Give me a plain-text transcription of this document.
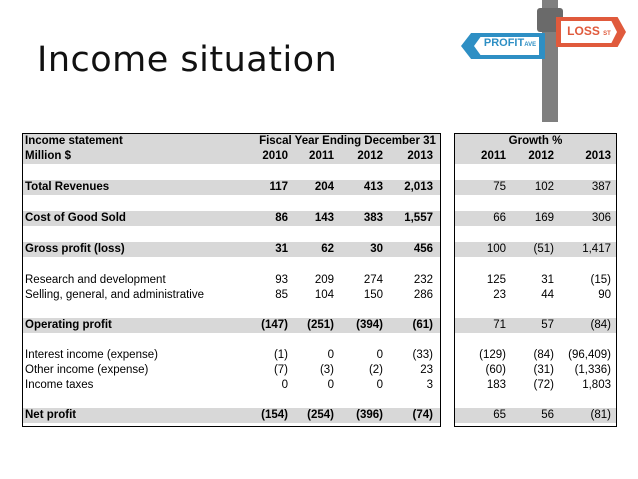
Income situation	PROFITAVE
LOSS ST
Income statement	Fiscal Year Ending December 31
Million $	2010	2011	2012	2013
Total Revenues	117	204	413	2,013
Cost of Good Sold	86	143	383	1,557
Gross profit (loss)	31	62	30	456
Research and development	93	209	274	232
Selling, general, and administrative	85	104	150	286
Operating profit	(147)	(251)	(394)	(61)
Interest income (expense)	(1)	0	0	(33)
Other income (expense)	(7)	(3)	(2)	23
Income taxes	0	0	0	3
Net profit	(154)	(254)	(396)	(74)
Growth %
2011	2012	2013
75	102	387
66	169	306
100	(51)	1,417
125	31	(15)
23	44	90
71	57	(84)
(129)	(84) (96,409)
(60)	(31)	(1,336)
183	(72)	1,803
65	56	(81)
